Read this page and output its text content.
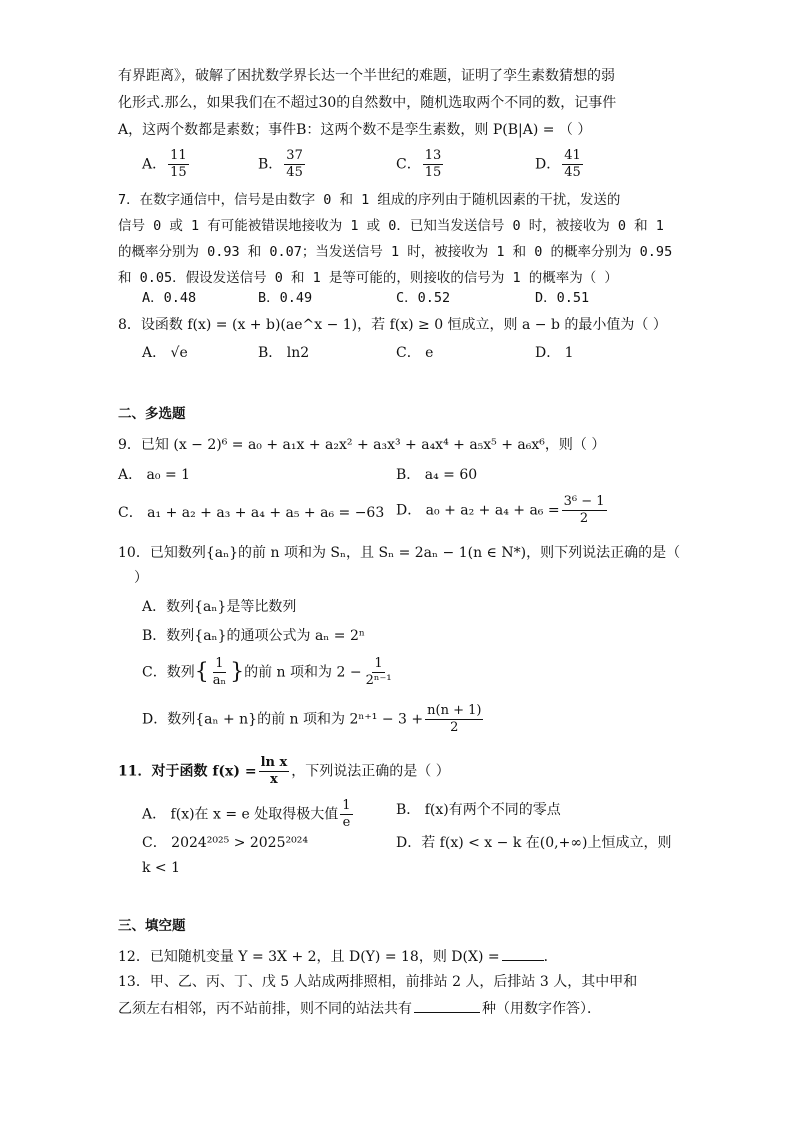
有界距离》，破解了困扰数学界长达一个半世纪的难题，证明了孪生素数猜想的弱
化形式.那么，如果我们在不超过30的自然数中，随机选取两个不同的数，记事件
A，这两个数都是素数；事件B：这两个数不是孪生素数，则 P(B|A) = （ ）
A． $\frac{11}{15}$	B． $\frac{37}{45}$	C． $\frac{13}{15}$	D． $\frac{41}{45}$
7．在数字通信中，信号是由数字 0 和 1 组成的序列由于随机因素的干扰，发送的
信号 0 或 1 有可能被错误地接收为 1 或 0．已知当发送信号 0 时，被接收为 0 和 1
的概率分别为 0.93 和 0.07；当发送信号 1 时，被接收为 1 和 0 的概率分别为 0.95
和 0.05．假设发送信号 0 和 1 是等可能的，则接收的信号为 1 的概率为（ ）
A．0.48	B．0.49	C．0.52	D．0.51
8．设函数 f(x) = (x + b)(ae^x − 1)，若 f(x) ≥ 0 恒成立，则 a − b 的最小值为（ ）
A． √e	B． ln2	C． e	D． 1
二、多选题
9．已知 (x − 2)⁶ = a₀ + a₁x + a₂x² + a₃x³ + a₄x⁴ + a₅x⁵ + a₆x⁶，则（ ）
A． a₀ = 1	B． a₄ = 60
C． a₁ + a₂ + a₃ + a₄ + a₅ + a₆ = −63 D． $a_0 + a_2 + a_4 + a_6 = \frac{\text{3⁶ − 1}}{2}$
10．已知数列{aₙ}的前 n 项和为 Sₙ，且 Sₙ = 2aₙ − 1(n ∈ N*)，则下列说法正确的是（
）
A．数列{aₙ}是等比数列
B．数列{aₙ}的通项公式为 aₙ = 2ⁿ
C．数列{ $\frac{1}{\text{aₙ}}$ }的前 n 项和为 $2 - \frac{1}{\text{2ⁿ⁻¹}}$
D．数列{aₙ + n}的前 n 项和为 $2^{n+1} - 3 + \frac{n(n + 1)}{2}$
11．对于函数 $f(x) = \frac{\text{ln x}}{x}$ ，下列说法正确的是（ ）
A． f(x)在 x = e 处取得极大值 $\frac{1}{e}$	B． f(x)有两个不同的零点
C． 2024²⁰²⁵ > 2025²⁰²⁴	D．若 f(x) < x − k 在(0,+∞)上恒成立，则
k < 1
三、填空题
12．已知随机变量 Y = 3X + 2，且 D(Y) = 18，则 D(X) =	．
13．甲、乙、丙、丁、戊 5 人站成两排照相，前排站 2 人，后排站 3 人，其中甲和
乙须左右相邻，丙不站前排，则不同的站法共有	种（用数字作答）．
